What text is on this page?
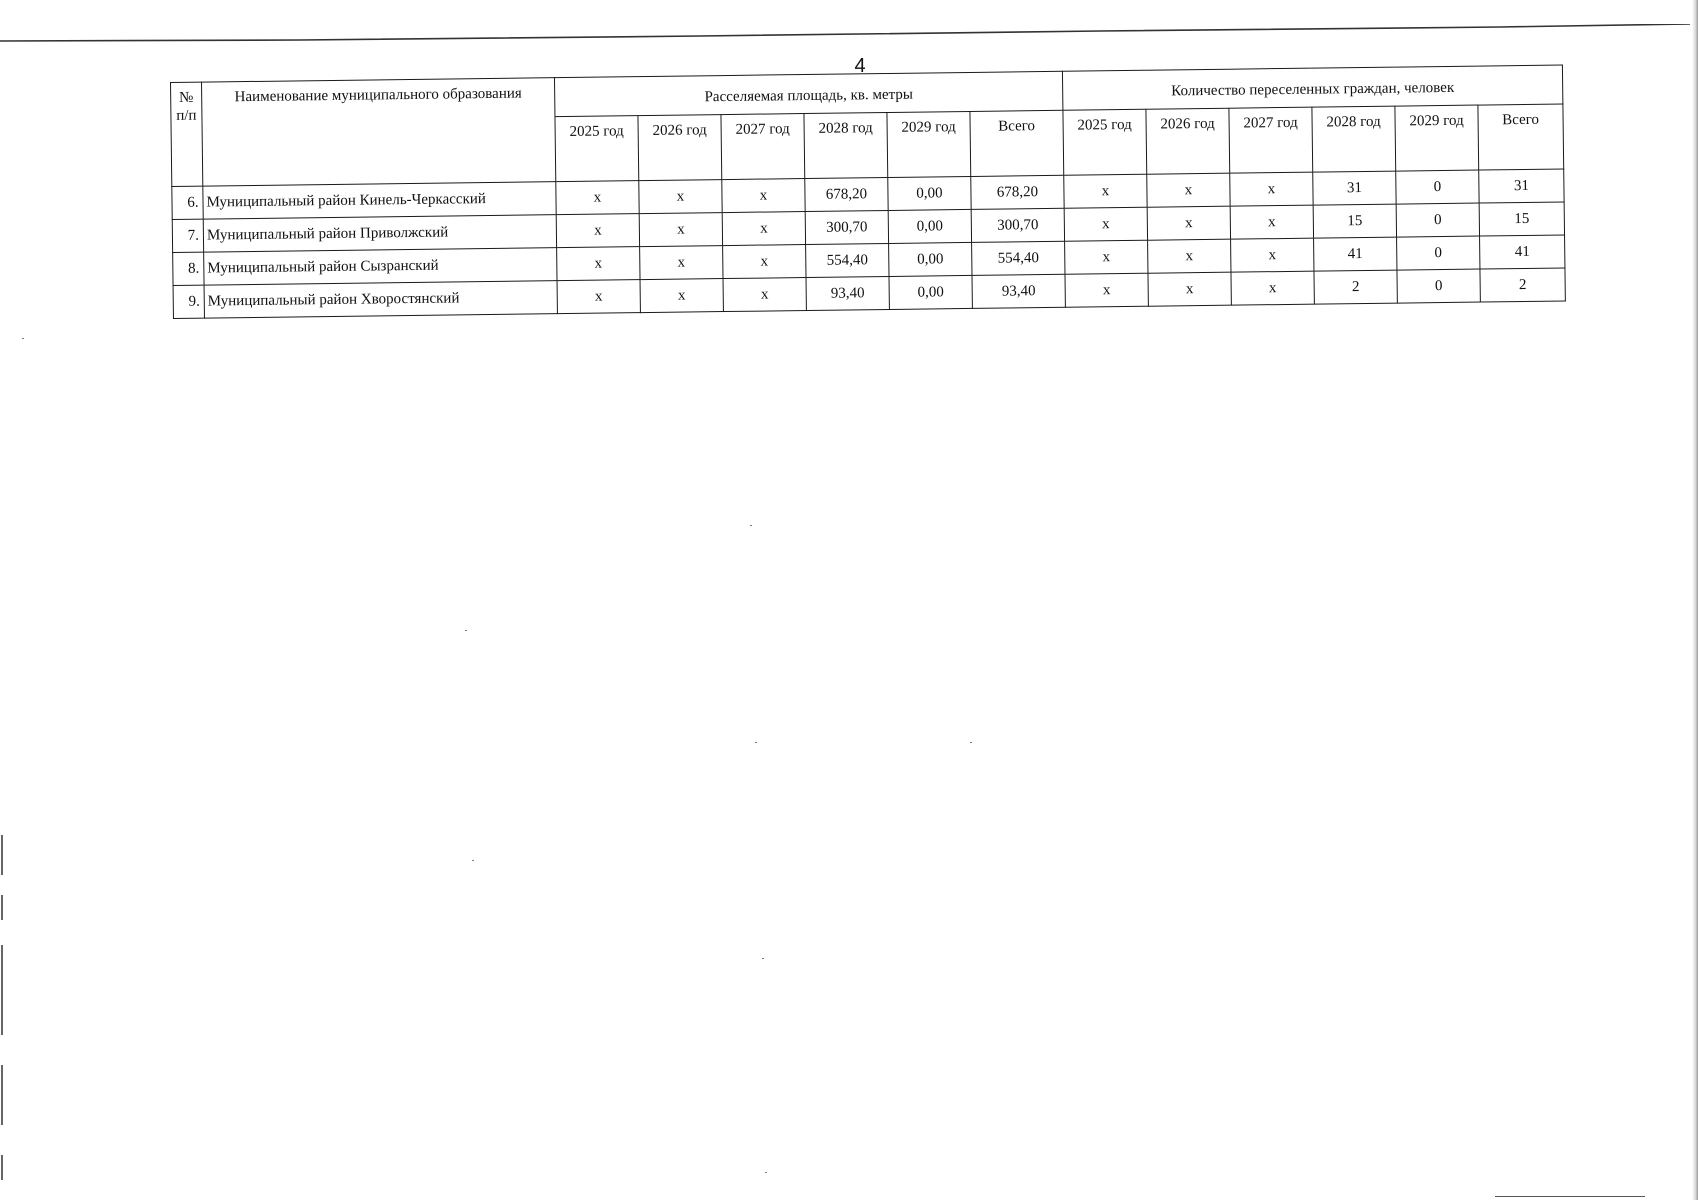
4
№ п/п	Наименование муниципального образования	Расселяемая площадь, кв. метры						Количество переселенных граждан, человек					
		2025 год	2026 год	2027 год	2028 год	2029 год	Всего	2025 год	2026 год	2027 год	2028 год	2029 год	Всего
6.	Муниципальный район Кинель-Черкасский	x	x	x	678,20	0,00	678,20	x	x	x	31	0	31
7.	Муниципальный район Приволжский	x	x	x	300,70	0,00	300,70	x	x	x	15	0	15
8.	Муниципальный район Сызранский	x	x	x	554,40	0,00	554,40	x	x	x	41	0	41
9.	Муниципальный район Хворостянский	x	x	x	93,40	0,00	93,40	x	x	x	2	0	2
